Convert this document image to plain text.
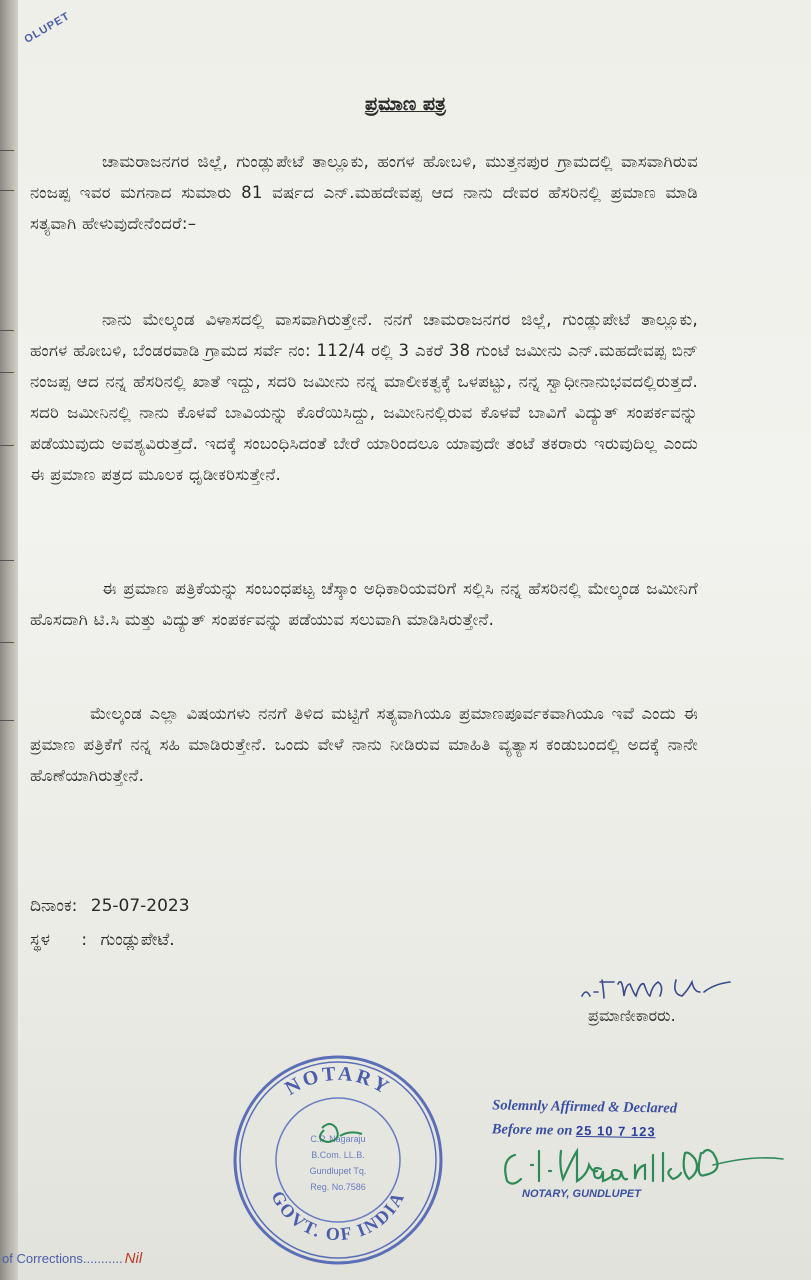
OLUPET
ಪ್ರಮಾಣ ಪತ್ರ
ಚಾಮರಾಜನಗರ ಜಿಲ್ಲೆ, ಗುಂಡ್ಲುಪೇಟೆ ತಾಲ್ಲೂಕು, ಹಂಗಳ ಹೋಬಳಿ, ಮುತ್ತನಪುರ ಗ್ರಾಮದಲ್ಲಿ ವಾಸವಾಗಿರುವ ನಂಜಪ್ಪ ಇವರ ಮಗನಾದ ಸುಮಾರು 81 ವರ್ಷದ ಎನ್.ಮಹದೇವಪ್ಪ ಆದ ನಾನು ದೇವರ ಹೆಸರಿನಲ್ಲಿ ಪ್ರಮಾಣ ಮಾಡಿ ಸತ್ಯವಾಗಿ ಹೇಳುವುದೇನೆಂದರೆ:–
ನಾನು ಮೇಲ್ಕಂಡ ವಿಳಾಸದಲ್ಲಿ ವಾಸವಾಗಿರುತ್ತೇನೆ. ನನಗೆ ಚಾಮರಾಜನಗರ ಜಿಲ್ಲೆ, ಗುಂಡ್ಲುಪೇಟೆ ತಾಲ್ಲೂಕು, ಹಂಗಳ ಹೋಬಳಿ, ಬೆಂಡರವಾಡಿ ಗ್ರಾಮದ ಸರ್ವೆ ನಂ: 112/4 ರಲ್ಲಿ 3 ಎಕರೆ 38 ಗುಂಟೆ ಜಮೀನು ಎನ್.ಮಹದೇವಪ್ಪ ಬಿನ್ ನಂಜಪ್ಪ ಆದ ನನ್ನ ಹೆಸರಿನಲ್ಲಿ ಖಾತೆ ಇದ್ದು, ಸದರಿ ಜಮೀನು ನನ್ನ ಮಾಲೀಕತ್ವಕ್ಕೆ ಒಳಪಟ್ಟು, ನನ್ನ ಸ್ವಾಧೀನಾನುಭವದಲ್ಲಿರುತ್ತದೆ. ಸದರಿ ಜಮೀನಿನಲ್ಲಿ ನಾನು ಕೊಳವೆ ಬಾವಿಯನ್ನು ಕೊರೆಯಿಸಿದ್ದು, ಜಮೀನಿನಲ್ಲಿರುವ ಕೊಳವೆ ಬಾವಿಗೆ ವಿದ್ಯುತ್ ಸಂಪರ್ಕವನ್ನು ಪಡೆಯುವುದು ಅವಶ್ಯವಿರುತ್ತದೆ. ಇದಕ್ಕೆ ಸಂಬಂಧಿಸಿದಂತೆ ಬೇರೆ ಯಾರಿಂದಲೂ ಯಾವುದೇ ತಂಟೆ ತಕರಾರು ಇರುವುದಿಲ್ಲ ಎಂದು ಈ ಪ್ರಮಾಣ ಪತ್ರದ ಮೂಲಕ ಧೃಡೀಕರಿಸುತ್ತೇನೆ.
ಈ ಪ್ರಮಾಣ ಪತ್ರಿಕೆಯನ್ನು ಸಂಬಂಧಪಟ್ಟ ಚೆಸ್ಕಾಂ ಅಧಿಕಾರಿಯವರಿಗೆ ಸಲ್ಲಿಸಿ ನನ್ನ ಹೆಸರಿನಲ್ಲಿ ಮೇಲ್ಕಂಡ ಜಮೀನಿಗೆ ಹೊಸದಾಗಿ ಟಿ.ಸಿ ಮತ್ತು ವಿದ್ಯುತ್ ಸಂಪರ್ಕವನ್ನು ಪಡೆಯುವ ಸಲುವಾಗಿ ಮಾಡಿಸಿರುತ್ತೇನೆ.
ಮೇಲ್ಕಂಡ ಎಲ್ಲಾ ವಿಷಯಗಳು ನನಗೆ ತಿಳಿದ ಮಟ್ಟಿಗೆ ಸತ್ಯವಾಗಿಯೂ ಪ್ರಮಾಣಪೂರ್ವಕವಾಗಿಯೂ ಇವೆ ಎಂದು ಈ ಪ್ರಮಾಣ ಪತ್ರಿಕೆಗೆ ನನ್ನ ಸಹಿ ಮಾಡಿರುತ್ತೇನೆ. ಒಂದು ವೇಳೆ ನಾನು ನೀಡಿರುವ ಮಾಹಿತಿ ವ್ಯತ್ಯಾಸ ಕಂಡುಬಂದಲ್ಲಿ ಅದಕ್ಕೆ ನಾನೇ ಹೊಣೆಯಾಗಿರುತ್ತೇನೆ.
ದಿನಾಂಕ: 25-07-2023
ಸ್ಥಳ : ಗುಂಡ್ಲುಪೇಟೆ.
ಪ್ರಮಾಣೀಕಾರರು.
NOTARY
GOVT. OF INDIA
C.P. Nagaraju
B.Com. LL.B.
Gundlupet Tq.
Reg. No.7586
Solemnly Affirmed & Declared
Before me on 25 10 7 123
NOTARY, GUNDLUPET
of Corrections........... Nil
